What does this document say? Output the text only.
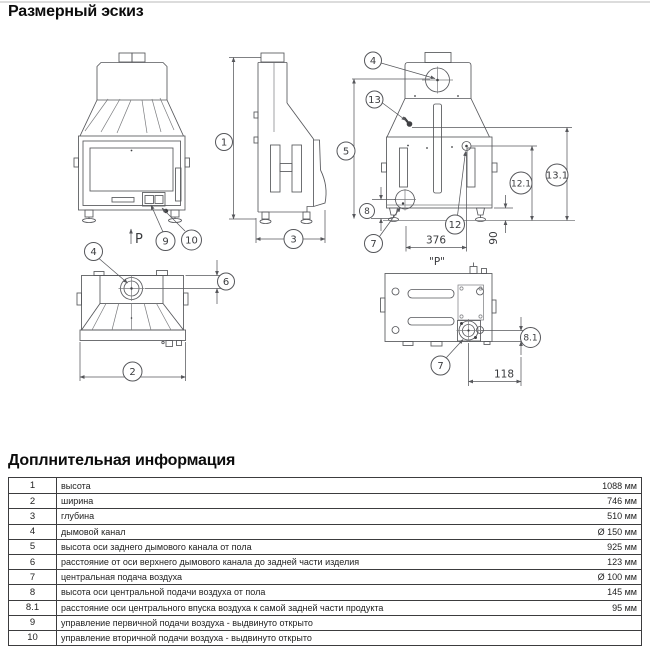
Размерный эскиз
P 9 10
1
3
5
4
13
12
7
8
376	90
12.1
13.1
4
6
2
"P"
7
8.1
118
Доплнительная информация
1	высота	1088 мм
2	ширина	746 мм
3	глубина	510 мм
4	дымовой канал	Ø 150 мм
5	высота оси заднего дымового канала от пола	925 мм
6	расстояние от оси верхнего дымового канала до задней части изделия	123 мм
7	центральная подача воздуха	Ø 100 мм
8	высота оси центральной подачи воздуха от пола	145 мм
8.1	расстояние оси центрального впуска воздуха к самой задней части продукта	95 мм
9	управление первичной подачи воздуха - выдвинуто открыто
10	управление вторичной подачи воздуха - выдвинуто открыто
